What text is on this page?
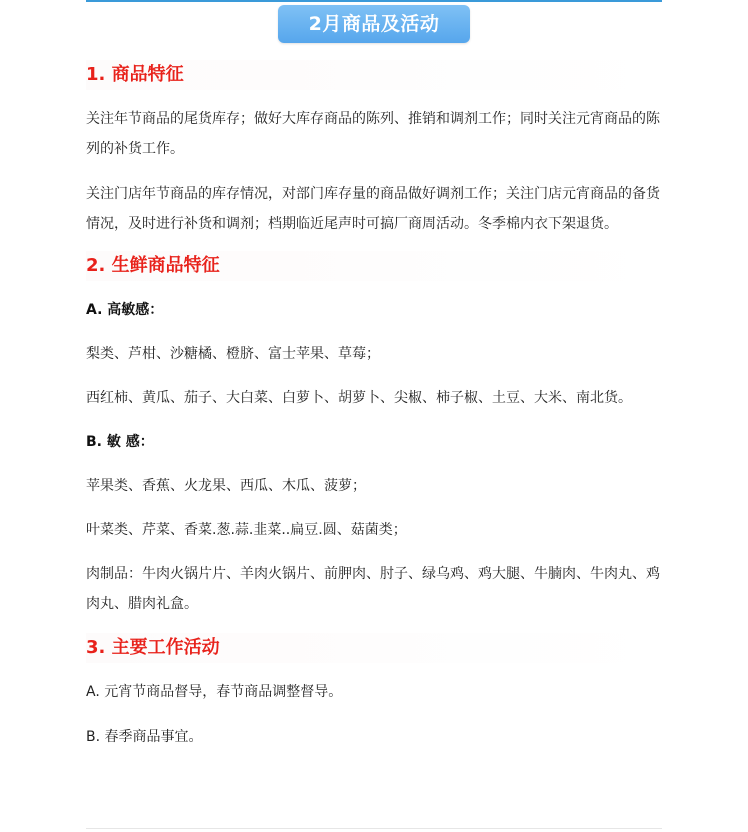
2月商品及活动
1. 商品特征

关注年节商品的尾货库存；做好大库存商品的陈列、推销和调剂工作；同时关注元宵商品的陈列的补货工作。

关注门店年节商品的库存情况，对部门库存量的商品做好调剂工作；关注门店元宵商品的备货情况，及时进行补货和调剂；档期临近尾声时可搞厂商周活动。冬季棉内衣下架退货。

2. 生鲜商品特征

A. 高敏感：

梨类、芦柑、沙糖橘、橙脐、富士苹果、草莓；

西红柿、黄瓜、茄子、大白菜、白萝卜、胡萝卜、尖椒、柿子椒、土豆、大米、南北货。

B. 敏 感：

苹果类、香蕉、火龙果、西瓜、木瓜、菠萝；

叶菜类、芹菜、香菜.葱.蒜.韭菜..扁豆.圆、菇菌类；

肉制品：牛肉火锅片片、羊肉火锅片、前胛肉、肘子、绿乌鸡、鸡大腿、牛腩肉、牛肉丸、鸡肉丸、腊肉礼盒。

3. 主要工作活动

A. 元宵节商品督导，春节商品调整督导。

B. 春季商品事宜。
